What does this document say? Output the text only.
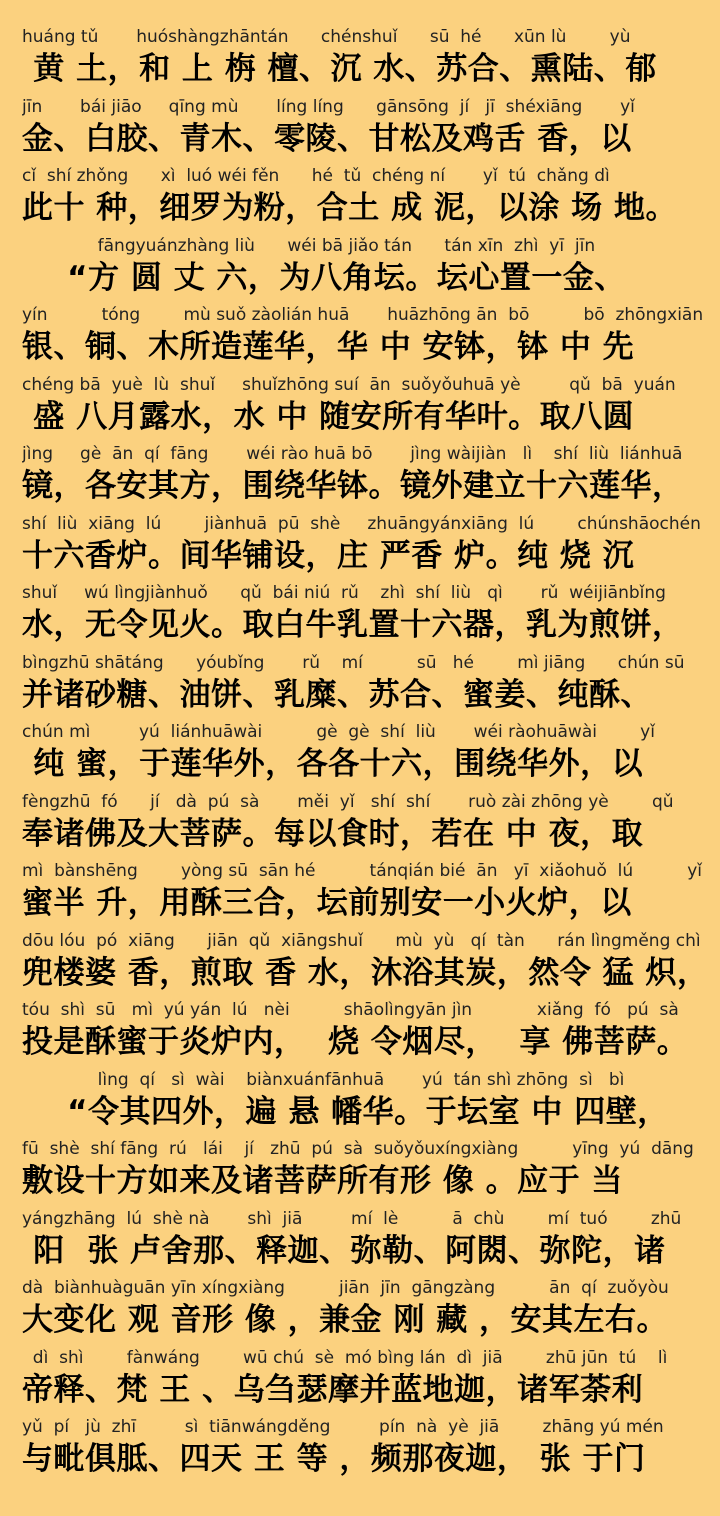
huáng tǔ       huóshàngzhāntán      chénshuǐ      sū  hé      xūn lù        yù
黄 土，和 上 栴 檀、沉 水、苏合、熏陆、郁
jīn       bái jiāo     qīng mù       líng líng      gānsōng  jí   jī  shéxiāng       yǐ
金、白胶、青木、零陵、甘松及鸡舌 香，以
cǐ  shí zhǒng      xì  luó wéi fěn      hé  tǔ  chéng ní       yǐ  tú  chǎng dì
此十 种，细罗为粉，合土 成 泥，以涂 场 地。
fāngyuánzhàng liù      wéi bā jiǎo tán      tán xīn  zhì  yī  jīn
“方 圆 丈 六，为八角坛。坛心置一金、
yín          tóng        mù suǒ zàolián huā       huāzhōng ān  bō          bō  zhōngxiān
银、铜、木所造莲华，华 中 安钵，钵 中 先
chéng bā  yuè  lù  shuǐ     shuǐzhōng suí  ān  suǒyǒuhuā yè         qǔ  bā  yuán
盛 八月露水，水 中 随安所有华叶。取八圆
jìng     gè  ān  qí  fāng       wéi rào huā bō       jìng wàijiàn   lì    shí  liù  liánhuā
镜，各安其方，围绕华钵。镜外建立十六莲华，
shí  liù  xiāng  lú        jiànhuā  pū  shè     zhuāngyánxiāng  lú        chúnshāochén
十六香炉。间华铺设，庄 严香 炉。纯 烧 沉
shuǐ     wú lìngjiànhuǒ      qǔ  bái niú  rǔ    zhì  shí  liù   qì       rǔ  wéijiānbǐng
水，无令见火。取白牛乳置十六器，乳为煎饼，
bìngzhū shātáng      yóubǐng       rǔ    mí          sū   hé        mì jiāng      chún sū
并诸砂糖、油饼、乳糜、苏合、蜜姜、纯酥、
chún mì         yú  liánhuāwài          gè  gè  shí  liù       wéi ràohuāwài        yǐ
纯 蜜，于莲华外，各各十六，围绕华外，以
fèngzhū  fó      jí   dà  pú  sà       měi  yǐ   shí  shí       ruò zài zhōng yè        qǔ
奉诸佛及大菩萨。每以食时，若在 中 夜，取
mì  bànshēng        yòng sū  sān hé          tánqián bié  ān   yī  xiǎohuǒ  lú          yǐ
蜜半 升，用酥三合，坛前别安一小火炉，以
dōu lóu  pó  xiāng      jiān  qǔ  xiāngshuǐ      mù  yù   qí  tàn      rán lìngměng chì
兜楼婆 香，煎取 香 水，沐浴其炭，然令 猛 炽，
tóu  shì  sū   mì  yú yán  lú   nèi          shāolìngyān jìn            xiǎng  fó   pú  sà
投是酥蜜于炎炉内，  烧 令烟尽，  享 佛菩萨。
lìng  qí   sì  wài    biànxuánfānhuā       yú  tán shì zhōng  sì   bì
“令其四外，遍 悬 幡华。于坛室 中 四壁，
fū  shè  shí fāng  rú   lái    jí   zhū  pú  sà  suǒyǒuxíngxiàng          yīng  yú  dāng
敷设十方如来及诸菩萨所有形 像 。应于 当
yángzhāng  lú  shè nà       shì  jiā         mí  lè          ā  chù        mí  tuó        zhū
阳  张 卢舍那、释迦、弥勒、阿閦、弥陀，诸
dà  biànhuàguān yīn xíngxiàng          jiān  jīn  gāngzàng          ān  qí  zuǒyòu
大变化 观 音形 像 ，兼金 刚 藏 ，安其左右。
dì  shì        fànwáng        wū chú  sè  mó bìng lán  dì  jiā        zhū jūn  tú    lì
帝释、梵 王 、乌刍瑟摩并蓝地迦，诸军荼利
yǔ  pí   jù  zhī         sì  tiānwángděng         pín  nà  yè  jiā        zhāng yú mén
与毗俱胝、四天 王 等 ，频那夜迦， 张 于门
